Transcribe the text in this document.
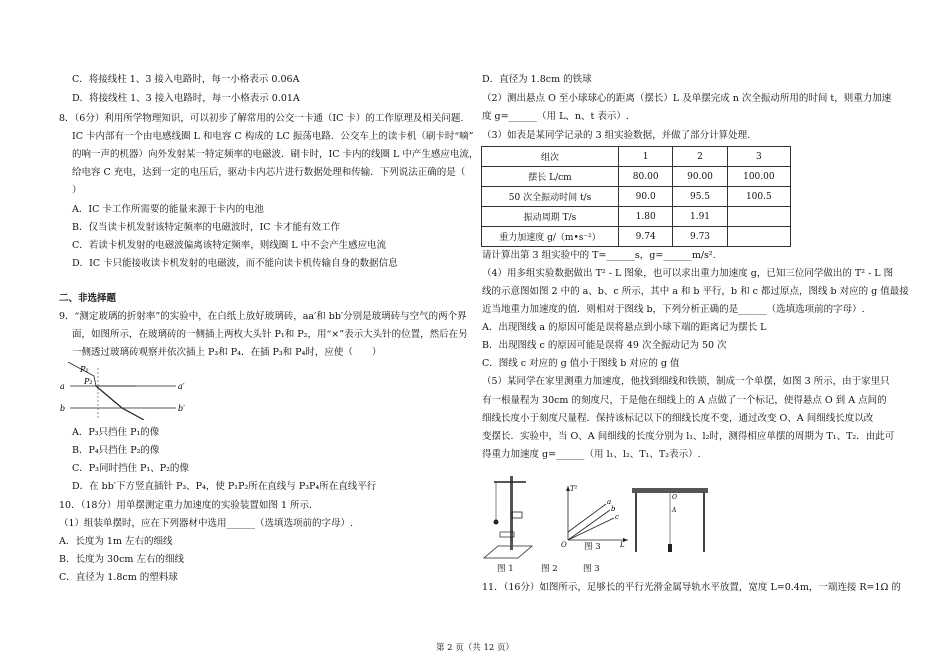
C．将接线柱 1、3 接入电路时，每一小格表示 0.06A
D．将接线柱 1、3 接入电路时，每一小格表示 0.01A
8．（6分）利用所学物理知识，可以初步了解常用的公交一卡通（IC 卡）的工作原理及相关问题.
IC 卡内部有一个由电感线圈 L 和电容 C 构成的 LC 振荡电路．公交车上的读卡机（刷卡时“嘀”
的响一声的机器）向外发射某一特定频率的电磁波．刷卡时，IC 卡内的线圈 L 中产生感应电流，
给电容 C 充电，达到一定的电压后，驱动卡内芯片进行数据处理和传输．下列说法正确的是（
）
A．IC 卡工作所需要的能量来源于卡内的电池
B．仅当读卡机发射该特定频率的电磁波时，IC 卡才能有效工作
C．若读卡机发射的电磁波偏离该特定频率，则线圈 L 中不会产生感应电流
D．IC 卡只能接收读卡机发射的电磁波，而不能向读卡机传输自身的数据信息
二、非选择题
9．“测定玻璃的折射率”的实验中，在白纸上放好玻璃砖，aa′和 bb′分别是玻璃砖与空气的两个界
面，如图所示，在玻璃砖的一侧插上两枚大头针 P₁和 P₂，用“×”表示大头针的位置，然后在另
一侧透过玻璃砖观察并依次插上 P₃和 P₄．在插 P₃和 P₄时，应使（　　）
P₁
P₂
a	a′
b	b′
A．P₃只挡住 P₁的像
B．P₄只挡住 P₂的像
C．P₃同时挡住 P₁、P₂的像
D．在 bb′下方竖直插针 P₃、P₄，使 P₁P₂所在直线与 P₃P₄所在直线平行
10．（18分）用单摆测定重力加速度的实验装置如图 1 所示.
（1）组装单摆时，应在下列器材中选用______（选填选项前的字母）.
A．长度为 1m 左右的细线
B．长度为 30cm 左右的细线
C．直径为 1.8cm 的塑料球
D．直径为 1.8cm 的铁球
（2）测出悬点 O 至小球球心的距离（摆长）L 及单摆完成 n 次全振动所用的时间 t，则重力加速
度 g=______（用 L、n、t 表示）.
（3）如表是某同学记录的 3 组实验数据，并做了部分计算处理.
组次	1	2	3
摆长 L/cm	80.00	90.00	100.00
50 次全振动时间 t/s	90.0	95.5	100.5
振动周期 T/s	1.80	1.91	
重力加速度 g/（m•s⁻²）	9.74	9.73	
请计算出第 3 组实验中的 T=______s，g=______m/s².
（4）用多组实验数据做出 T² - L 图象，也可以求出重力加速度 g，已知三位同学做出的 T² - L 图
线的示意图如图 2 中的 a、b、c 所示，其中 a 和 b 平行，b 和 c 都过原点，图线 b 对应的 g 值最接
近当地重力加速度的值．则相对于图线 b，下列分析正确的是______（选填选项前的字母）.
A．出现图线 a 的原因可能是误将悬点到小球下端的距离记为摆长 L
B．出现图线 c 的原因可能是误将 49 次全振动记为 50 次
C．图线 c 对应的 g 值小于图线 b 对应的 g 值
（5）某同学在家里测重力加速度，他找到细线和铁锁，制成一个单摆，如图 3 所示，由于家里只
有一根量程为 30cm 的刻度尺，于是他在细线上的 A 点做了一个标记，使得悬点 O 到 A 点间的
细线长度小于刻度尺量程．保持该标记以下的细线长度不变，通过改变 O、A 间细线长度以改
变摆长．实验中，当 O、A 间细线的长度分别为 l₁、l₂时，测得相应单摆的周期为 T₁、T₂．由此可
得重力加速度 g=______（用 l₁、l₂、T₁、T₂表示）.
T²
L
O
a
b
c
图 3
O
A
图 1	图 2	图 3
11．（16分）如图所示，足够长的平行光滑金属导轨水平放置，宽度 L=0.4m，一端连接 R=1Ω 的
第 2 页（共 12 页）
